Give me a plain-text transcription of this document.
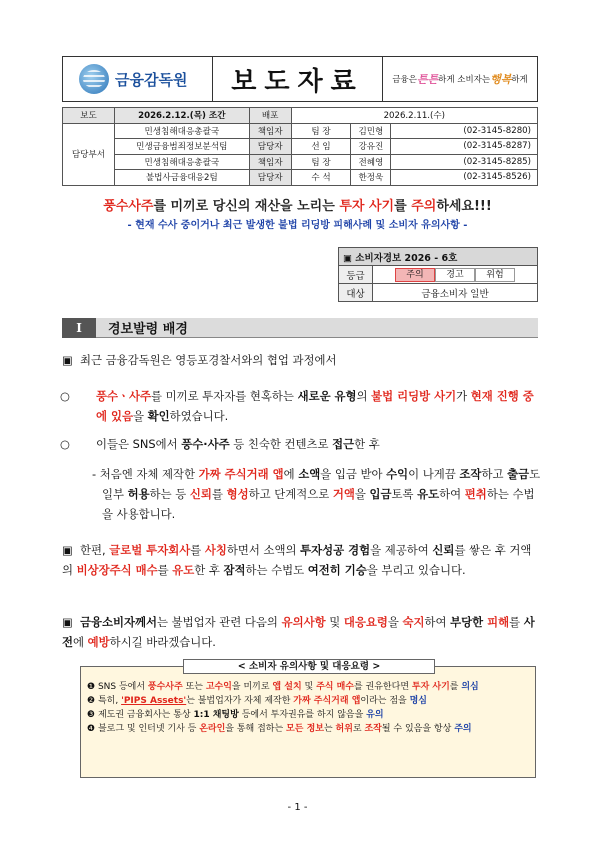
금융감독원	보도자료	금융은 튼튼 하게 소비자는 행복 하게
보도	2026.2.12.(목) 조간	배포	2026.2.11.(수)		
담당부서	민생침해대응총괄국	책임자	팀 장	김민형	(02-3145-8280)
	민생금융범죄정보분석팀	담당자	선 임	강유진	(02-3145-8287)
	민생침해대응총괄국	책임자	팀 장	전혜영	(02-3145-8285)
	불법사금융대응2팀	담당자	수 석	한정욱	(02-3145-8526)
풍수사주를 미끼로 당신의 재산을 노리는 투자 사기를 주의하세요!!!
- 현재 수사 중이거나 최근 발생한 불법 리딩방 피해사례 및 소비자 유의사항 -
▣ 소비자경보 2026 - 6호	
등급	주의 경고 위험

대상	금융소비자 일반
Ⅰ	경보발령 배경
▣ 최근 금융감독원은 영등포경찰서와의 협업 과정에서
○ 풍수ㆍ사주를 미끼로 투자자를 현혹하는 새로운 유형의 불법 리딩방 사기가 현재 진행 중에 있음을 확인하였습니다.
○ 이들은 SNS에서 풍수·사주 등 친숙한 컨텐츠로 접근한 후
- 처음엔 자체 제작한 가짜 주식거래 앱에 소액을 입금 받아 수익이 나게끔 조작하고 출금도 일부 허용하는 등 신뢰를 형성하고 단계적으로 거액을 입금토록 유도하여 편취하는 수법을 사용합니다.
▣ 한편, 글로벌 투자회사를 사칭하면서 소액의 투자성공 경험을 제공하여 신뢰를 쌓은 후 거액의 비상장주식 매수를 유도한 후 잠적하는 수법도 여전히 기승을 부리고 있습니다.
▣ 금융소비자께서는 불법업자 관련 다음의 유의사항 및 대응요령을 숙지하여 부당한 피해를 사전에 예방하시길 바라겠습니다.
< 소비자 유의사항 및 대응요령 >
❶ SNS 등에서 풍수사주 또는 고수익을 미끼로 앱 설치 및 주식 매수를 권유한다면 투자 사기를 의심
❷ 특히, 'PIPS Assets'는 불법업자가 자체 제작한 가짜 주식거래 앱이라는 점을 명심
❸ 제도권 금융회사는 통상 1:1 채팅방 등에서 투자권유를 하지 않음을 유의
❹ 블로그 및 인터넷 기사 등 온라인을 통해 접하는 모든 정보는 허위로 조작될 수 있음을 항상 주의
- 1 -
